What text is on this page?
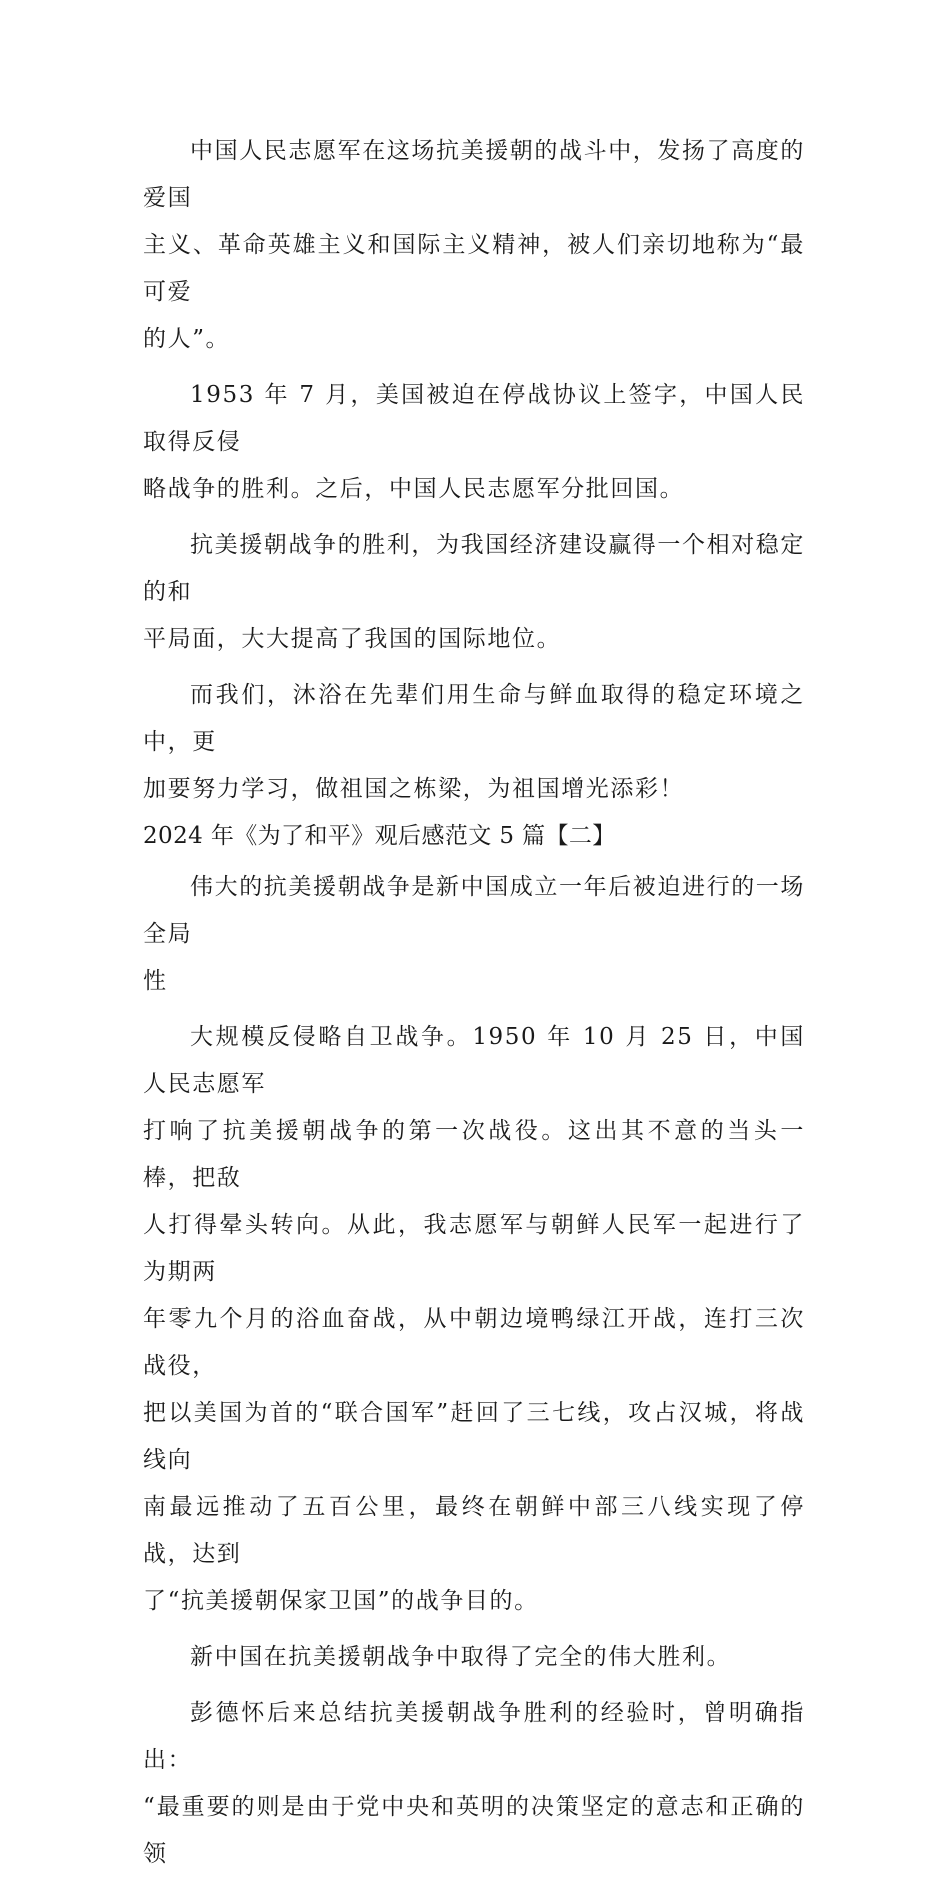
中国人民志愿军在这场抗美援朝的战斗中，发扬了高度的爱国
主义、革命英雄主义和国际主义精神，被人们亲切地称为“最可爱
的人”。

1953 年 7 月，美国被迫在停战协议上签字，中国人民取得反侵
略战争的胜利。之后，中国人民志愿军分批回国。

抗美援朝战争的胜利，为我国经济建设赢得一个相对稳定的和
平局面，大大提高了我国的国际地位。

而我们，沐浴在先辈们用生命与鲜血取得的稳定环境之中，更
加要努力学习，做祖国之栋梁，为祖国增光添彩！

2024 年《为了和平》观后感范文 5 篇【二】

伟大的抗美援朝战争是新中国成立一年后被迫进行的一场全局
性

大规模反侵略自卫战争。1950 年 10 月 25 日，中国人民志愿军
打响了抗美援朝战争的第一次战役。这出其不意的当头一棒，把敌
人打得晕头转向。从此，我志愿军与朝鲜人民军一起进行了为期两
年零九个月的浴血奋战，从中朝边境鸭绿江开战，连打三次战役，
把以美国为首的“联合国军”赶回了三七线，攻占汉城，将战线向
南最远推动了五百公里，最终在朝鲜中部三八线实现了停战，达到
了“抗美援朝保家卫国”的战争目的。

新中国在抗美援朝战争中取得了完全的伟大胜利。

彭德怀后来总结抗美援朝战争胜利的经验时，曾明确指出：
“最重要的则是由于党中央和英明的决策坚定的意志和正确的领
